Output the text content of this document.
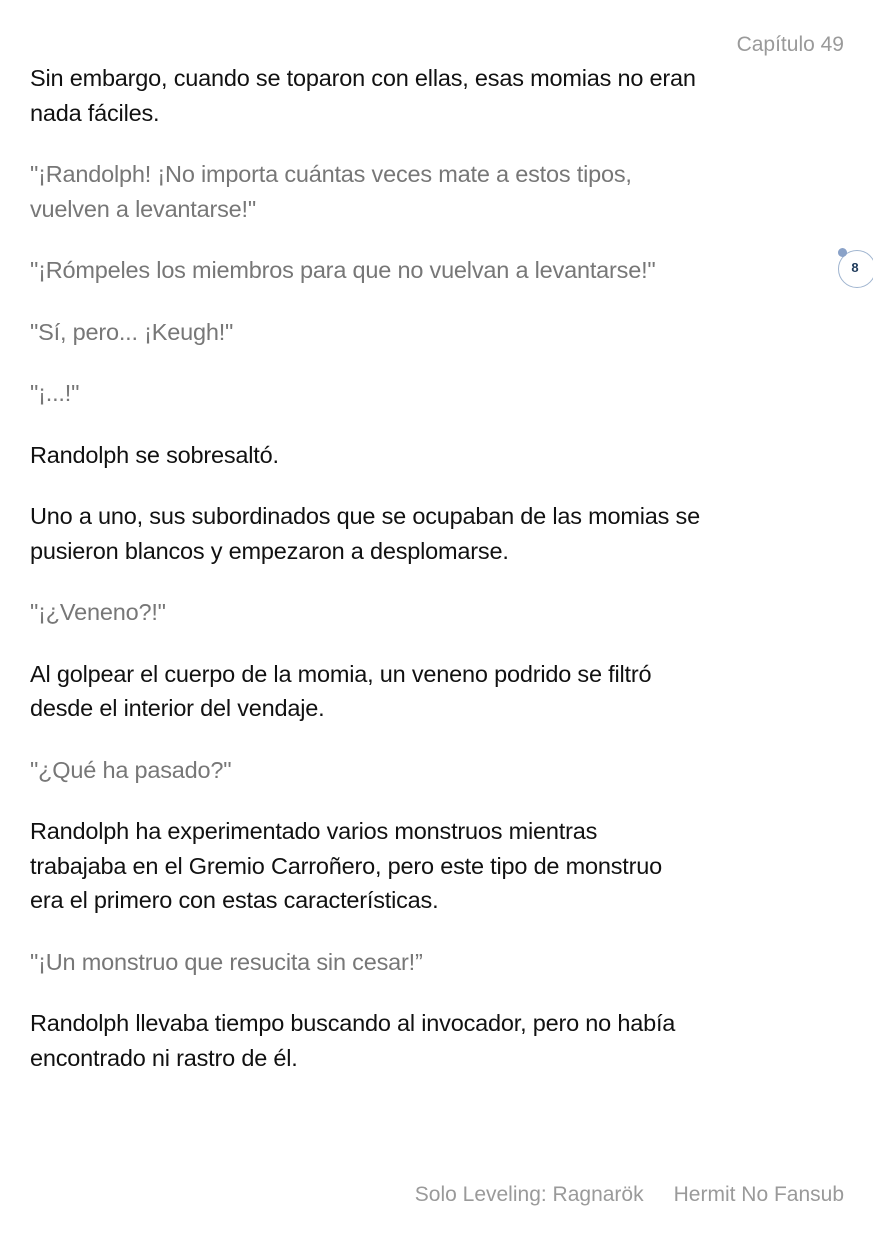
Capítulo 49

Sin embargo, cuando se toparon con ellas, esas momias no eran
nada fáciles.

"¡Randolph! ¡No importa cuántas veces mate a estos tipos,
vuelven a levantarse!"

"¡Rómpeles los miembros para que no vuelvan a levantarse!"

"Sí, pero... ¡Keugh!"

"¡...!"

Randolph se sobresaltó.

Uno a uno, sus subordinados que se ocupaban de las momias se
pusieron blancos y empezaron a desplomarse.

"¡¿Veneno?!"

Al golpear el cuerpo de la momia, un veneno podrido se filtró
desde el interior del vendaje.

"¿Qué ha pasado?"

Randolph ha experimentado varios monstruos mientras
trabajaba en el Gremio Carroñero, pero este tipo de monstruo
era el primero con estas características.

"¡Un monstruo que resucita sin cesar!”

Randolph llevaba tiempo buscando al invocador, pero no había
encontrado ni rastro de él.

8
Solo Leveling: Ragnarök Hermit No Fansub
